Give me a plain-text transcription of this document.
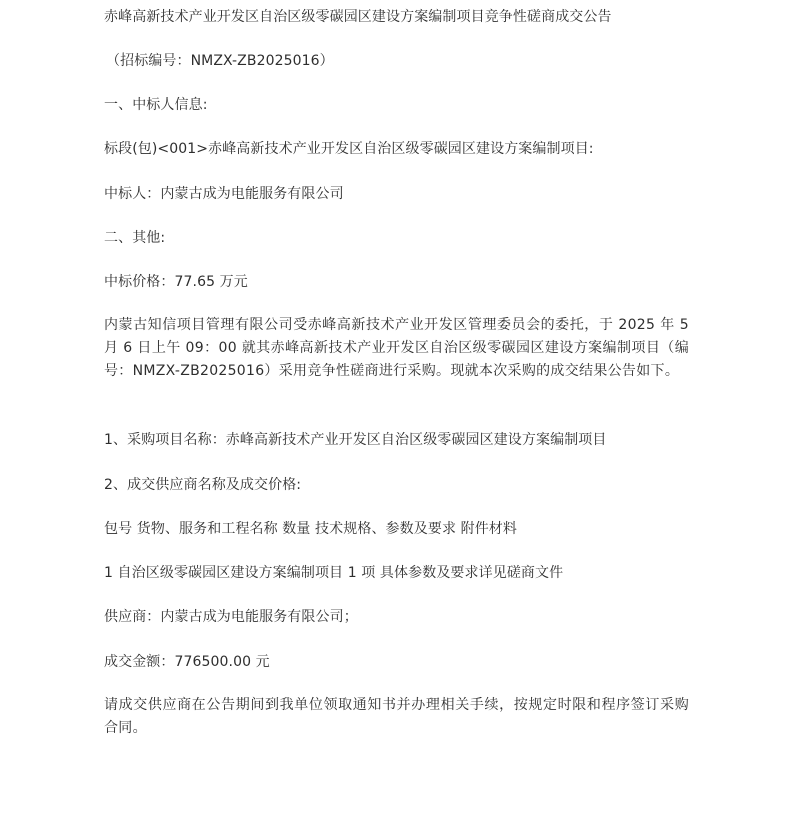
赤峰高新技术产业开发区自治区级零碳园区建设方案编制项目竞争性磋商成交公告
（招标编号：NMZX-ZB2025016）
一、中标人信息:
标段(包)<001>赤峰高新技术产业开发区自治区级零碳园区建设方案编制项目:
中标人：内蒙古成为电能服务有限公司
二、其他:
中标价格：77.65 万元
内蒙古知信项目管理有限公司受赤峰高新技术产业开发区管理委员会的委托，于 2025 年 5 月 6 日上午 09：00 就其赤峰高新技术产业开发区自治区级零碳园区建设方案编制项目（编号：NMZX-ZB2025016）采用竞争性磋商进行采购。现就本次采购的成交结果公告如下。
1、采购项目名称：赤峰高新技术产业开发区自治区级零碳园区建设方案编制项目
2、成交供应商名称及成交价格:
包号 货物、服务和工程名称 数量 技术规格、参数及要求 附件材料
1 自治区级零碳园区建设方案编制项目 1 项 具体参数及要求详见磋商文件
供应商：内蒙古成为电能服务有限公司；
成交金额：776500.00 元
请成交供应商在公告期间到我单位领取通知书并办理相关手续，按规定时限和程序签订采购 合同。
